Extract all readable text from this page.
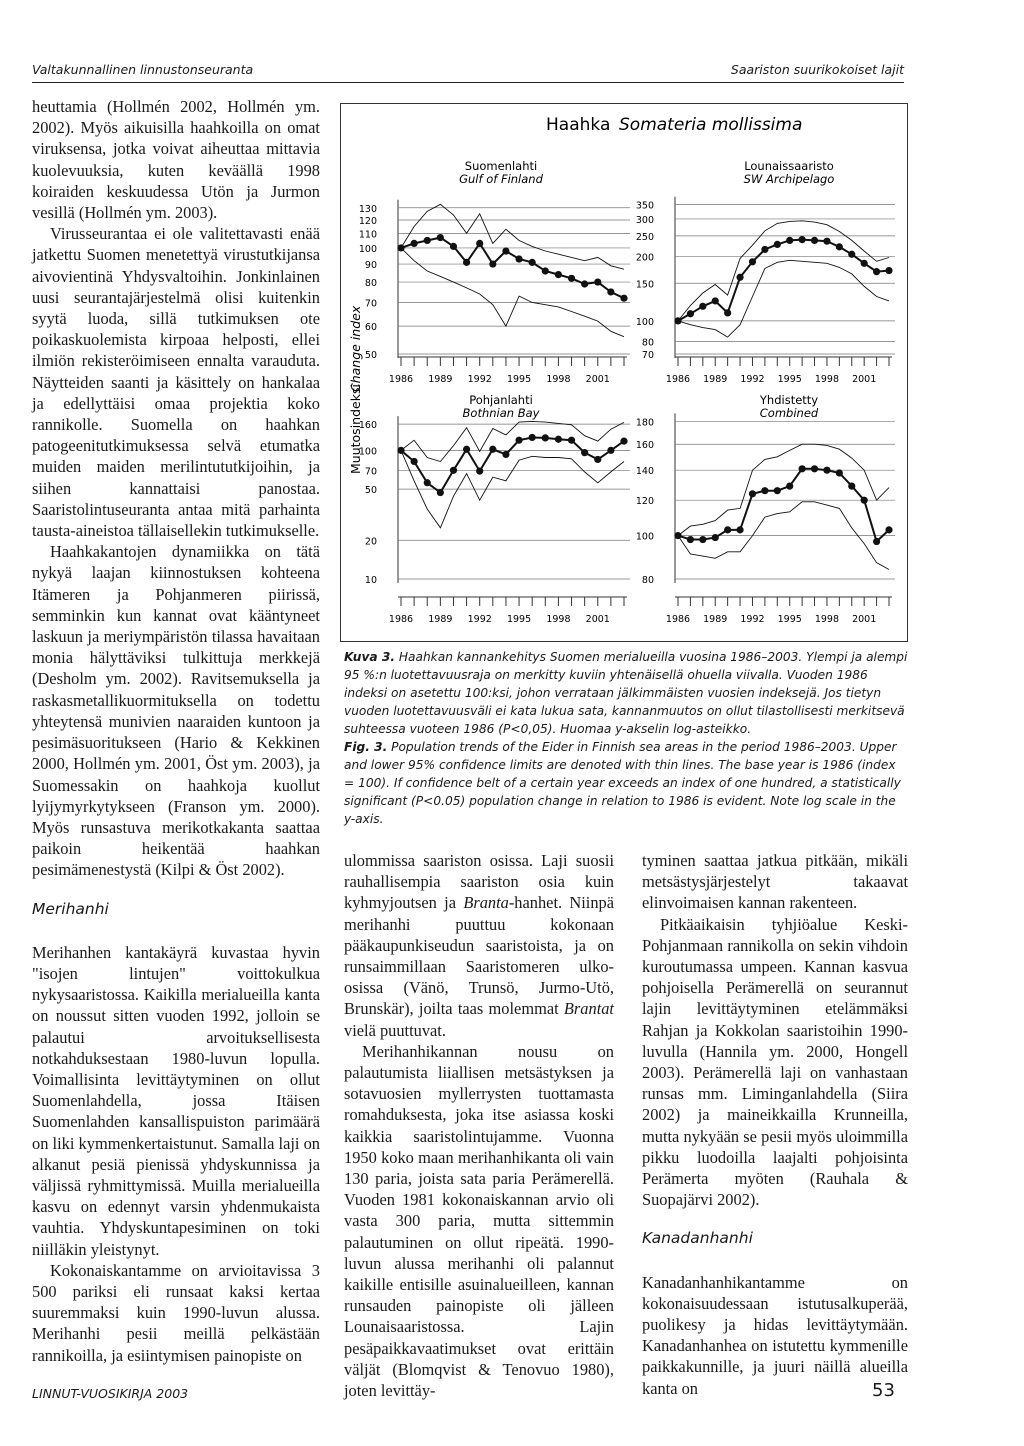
Valtakunnallinen linnustonseuranta	Saariston suurikokoiset lajit

heuttamia (Hollmén 2002, Hollmén ym. 2002). Myös aikuisilla haahkoilla on omat viruksensa, jotka voivat aiheuttaa mittavia kuolevuuksia, kuten keväällä 1998 koiraiden keskuudessa Utön ja Jurmon vesillä (Hollmén ym. 2003).

Virusseurantaa ei ole valitettavasti enää jatkettu Suomen menetettyä virustutkijansa aivovientinä Yhdysvaltoihin. Jonkinlainen uusi seurantajärjestelmä olisi kuitenkin syytä luoda, sillä tutkimuksen ote poikaskuolemista kirpoaa helposti, ellei ilmiön rekisteröimiseen ennalta varauduta. Näytteiden saanti ja käsittely on hankalaa ja edellyttäisi omaa projektia koko rannikolle. Suomella on haahkan patogeenitutkimuksessa selvä etumatka muiden maiden merilintututkijoihin, ja siihen kannattaisi panostaa. Saaristolintuseuranta antaa mitä parhainta tausta-aineistoa tällaisellekin tutkimukselle.

Haahkakantojen dynamiikka on tätä nykyä laajan kiinnostuksen kohteena Itämeren ja Pohjanmeren piirissä, semminkin kun kannat ovat kääntyneet laskuun ja meriympäristön tilassa havaitaan monia hälyttäviksi tulkittuja merkkejä (Desholm ym. 2002). Ravitsemuksella ja raskasmetallikuormituksella on todettu yhteytensä munivien naaraiden kuntoon ja pesimäsuoritukseen (Hario & Kekkinen 2000, Hollmén ym. 2001, Öst ym. 2003), ja Suomessakin on haahkoja kuollut lyijymyrkytykseen (Franson ym. 2000). Myös runsastuva merikotkakanta saattaa paikoin heikentää haahkan pesimämenestystä (Kilpi & Öst 2002).

Merihanhi

Merihanhen kantakäyrä kuvastaa hyvin "isojen lintujen" voittokulkua nykysaaristossa. Kaikilla merialueilla kanta on noussut sitten vuoden 1992, jolloin se palautui arvoituksellisesta notkahduksestaan 1980-luvun lopulla. Voimallisinta levittäytyminen on ollut Suomenlahdella, jossa Itäisen Suomenlahden kansallispuiston parimäärä on liki kymmenkertaistunut. Samalla laji on alkanut pesiä pienissä yhdyskunnissa ja väljissä ryhmittymissä. Muilla merialueilla kasvu on edennyt varsin yhdenmukaista vauhtia. Yhdyskuntapesiminen on toki niilläkin yleistynyt.

Kokonaiskantamme on arvioitavissa 3 500 pariksi eli runsaat kaksi kertaa suuremmaksi kuin 1990-luvun alussa. Merihanhi pesii meillä pelkästään rannikoilla, ja esiintymisen painopiste on

Haahka Somateria mollissima
Muutosindeksi
Change index
Suomenlahti
Gulf of Finland
50
60
70
80
90
100
110
120
130
1986 1989 1992 1995 1998 2001
Lounaissaaristo
SW Archipelago
70
80
100
150
200
250
300
350
1986 1989 1992 1995 1998 2001
Pohjanlahti
Bothnian Bay
10
20
50
70
100
160
1986 1989 1992 1995 1998 2001
Yhdistetty
Combined
80
100
120
140
160
180
1986 1989 1992 1995 1998 2001

Kuva 3. Haahkan kannankehitys Suomen merialueilla vuosina 1986–2003. Ylempi ja alempi 95 %:n luotettavuusraja on merkitty kuviin yhtenäisellä ohuella viivalla. Vuoden 1986 indeksi on asetettu 100:ksi, johon verrataan jälkimmäisten vuosien indeksejä. Jos tietyn vuoden luotettavuusväli ei kata lukua sata, kannanmuutos on ollut tilastollisesti merkitsevä suhteessa vuoteen 1986 (P<0,05). Huomaa y-akselin log-asteikko.

Fig. 3. Population trends of the Eider in Finnish sea areas in the period 1986–2003. Upper and lower 95% confidence limits are denoted with thin lines. The base year is 1986 (index = 100). If confidence belt of a certain year exceeds an index of one hundred, a statistically significant (P<0.05) population change in relation to 1986 is evident. Note log scale in the y-axis.

ulommissa saariston osissa. Laji suosii rauhallisempia saariston osia kuin kyhmyjoutsen ja Branta-hanhet. Niinpä merihanhi puuttuu kokonaan pääkaupunkiseudun saaristoista, ja on runsaimmillaan Saaristomeren ulko-osissa (Vänö, Trunsö, Jurmo-Utö, Brunskär), joilta taas molemmat Brantat vielä puuttuvat.

Merihanhikannan nousu on palautumista liiallisen metsästyksen ja sotavuosien myllerrysten tuottamasta romahduksesta, joka itse asiassa koski kaikkia saaristolintujamme. Vuonna 1950 koko maan merihanhikanta oli vain 130 paria, joista sata paria Perämerellä. Vuoden 1981 kokonaiskannan arvio oli vasta 300 paria, mutta sittemmin palautuminen on ollut ripeätä. 1990-luvun alussa merihanhi oli palannut kaikille entisille asuinalueilleen, kannan runsauden painopiste oli jälleen Lounaisaaristossa. Lajin pesäpaikkavaatimukset ovat erittäin väljät (Blomqvist & Tenovuo 1980), joten levittäy-

tyminen saattaa jatkua pitkään, mikäli metsästysjärjestelyt takaavat elinvoimaisen kannan rakenteen.

Pitkäaikaisin tyhjiöalue Keski-Pohjanmaan rannikolla on sekin vihdoin kuroutumassa umpeen. Kannan kasvua pohjoisella Perämerellä on seurannut lajin levittäytyminen etelämmäksi Rahjan ja Kokkolan saaristoihin 1990-luvulla (Hannila ym. 2000, Hongell 2003). Perämerellä laji on vanhastaan runsas mm. Liminganlahdella (Siira 2002) ja maineikkailla Krunneilla, mutta nykyään se pesii myös uloimmilla pikku luodoilla laajalti pohjoisinta Perämerta myöten (Rauhala & Suopajärvi 2002).

Kanadanhanhi

Kanadanhanhikantamme on kokonaisuudessaan istutusalkuperää, puolikesy ja hidas levittäytymään. Kanadanhanhea on istutettu kymmenille paikkakunnille, ja juuri näillä alueilla kanta on

LINNUT-VUOSIKIRJA 2003	53
